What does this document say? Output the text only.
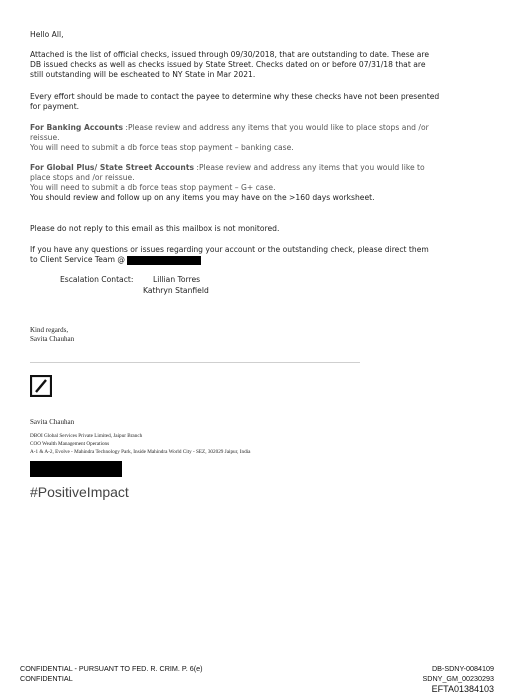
Hello All,
Attached is the list of official checks, issued through 09/30/2018, that are outstanding to date. These are
DB issued checks as well as checks issued by State Street. Checks dated on or before 07/31/18 that are
still outstanding will be escheated to NY State in Mar 2021.
Every effort should be made to contact the payee to determine why these checks have not been presented
for payment.
For Banking Accounts :Please review and address any items that you would like to place stops and /or
reissue.
You will need to submit a db force teas stop payment – banking case.
For Global Plus/ State Street Accounts :Please review and address any items that you would like to
place stops and /or reissue.
You will need to submit a db force teas stop payment – G+ case.
You should review and follow up on any items you may have on the >160 days worksheet.
Please do not reply to this email as this mailbox is not monitored.
If you have any questions or issues regarding your account or the outstanding check, please direct them
to Client Service Team @
Escalation Contact:	Lillian Torres
Kathryn Stanfield
Kind regards,
Savita Chauhan
Savita Chauhan
DBOI Global Services Private Limited, Jaipur Branch
COO Wealth Management Operations
A-1 & A-2, Evolve - Mahindra Technology Park, Inside Mahindra World City - SEZ, 302029 Jaipur, India
#PositiveImpact
CONFIDENTIAL - PURSUANT TO FED. R. CRIM. P. 6(e)
CONFIDENTIAL
DB-SDNY-0084109
SDNY_GM_00230293
EFTA01384103
